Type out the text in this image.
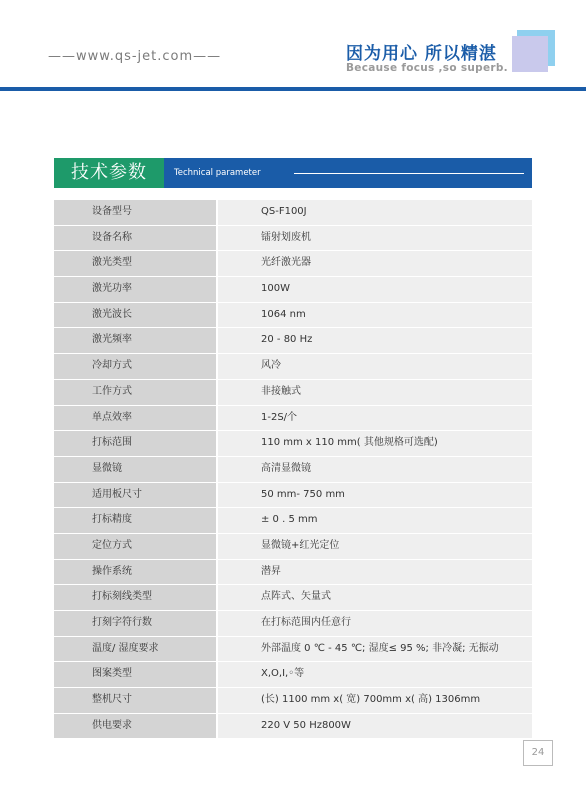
——www.qs-jet.com——	因为用心 所以精湛
Because focus ,so superb.
技术参数	Technical parameter
设备型号	QS-F100J
设备名称	镭射划废机
激光类型	光纤激光器
激光功率	100W
激光波长	1064 nm
激光频率	20 - 80 Hz
冷却方式	风冷
工作方式	非接触式
单点效率	1-2S/个
打标范围	110 mm x 110 mm( 其他规格可选配)
显微镜	高清显微镜
适用板尺寸	50 mm- 750 mm
打标精度	± 0 . 5 mm
定位方式	显微镜+红光定位
操作系统	潜昇
打标刻线类型	点阵式、矢量式
打刻字符行数	在打标范围内任意行
温度/ 湿度要求	外部温度 0 ℃ - 45 ℃; 湿度≤ 95 %; 非冷凝; 无振动
图案类型	X,O,I,◦等
整机尺寸	(长) 1100 mm x( 宽) 700mm x( 高) 1306mm
供电要求	220 V 50 Hz800W
24
